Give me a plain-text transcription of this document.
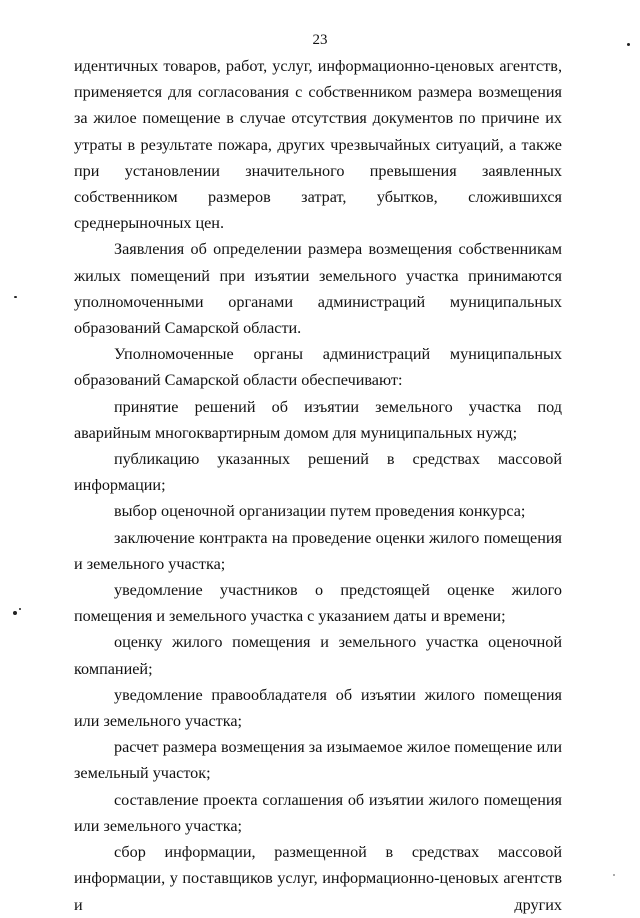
23

идентичных товаров, работ, услуг, информационно-ценовых агентств, применяется для согласования с собственником размера возмещения за жилое помещение в случае отсутствия документов по причине их утраты в результате пожара, других чрезвычайных ситуаций, а также при установлении значительного превышения заявленных собственником размеров затрат, убытков, сложившихся среднерыночных цен.

Заявления об определении размера возмещения собственникам жилых помещений при изъятии земельного участка принимаются уполномоченными органами администраций муниципальных образований Самарской области.

Уполномоченные органы администраций муниципальных образований Самарской области обеспечивают:

принятие решений об изъятии земельного участка под аварийным многоквартирным домом для муниципальных нужд;

публикацию указанных решений в средствах массовой информации;

выбор оценочной организации путем проведения конкурса;

заключение контракта на проведение оценки жилого помещения и земельного участка;

уведомление участников о предстоящей оценке жилого помещения и земельного участка с указанием даты и времени;

оценку жилого помещения и земельного участка оценочной компанией;

уведомление правообладателя об изъятии жилого помещения или земельного участка;

расчет размера возмещения за изымаемое жилое помещение или земельный участок;

составление проекта соглашения об изъятии жилого помещения или земельного участка;

сбор информации, размещенной в средствах массовой информации, у поставщиков услуг, информационно-ценовых агентств и других
